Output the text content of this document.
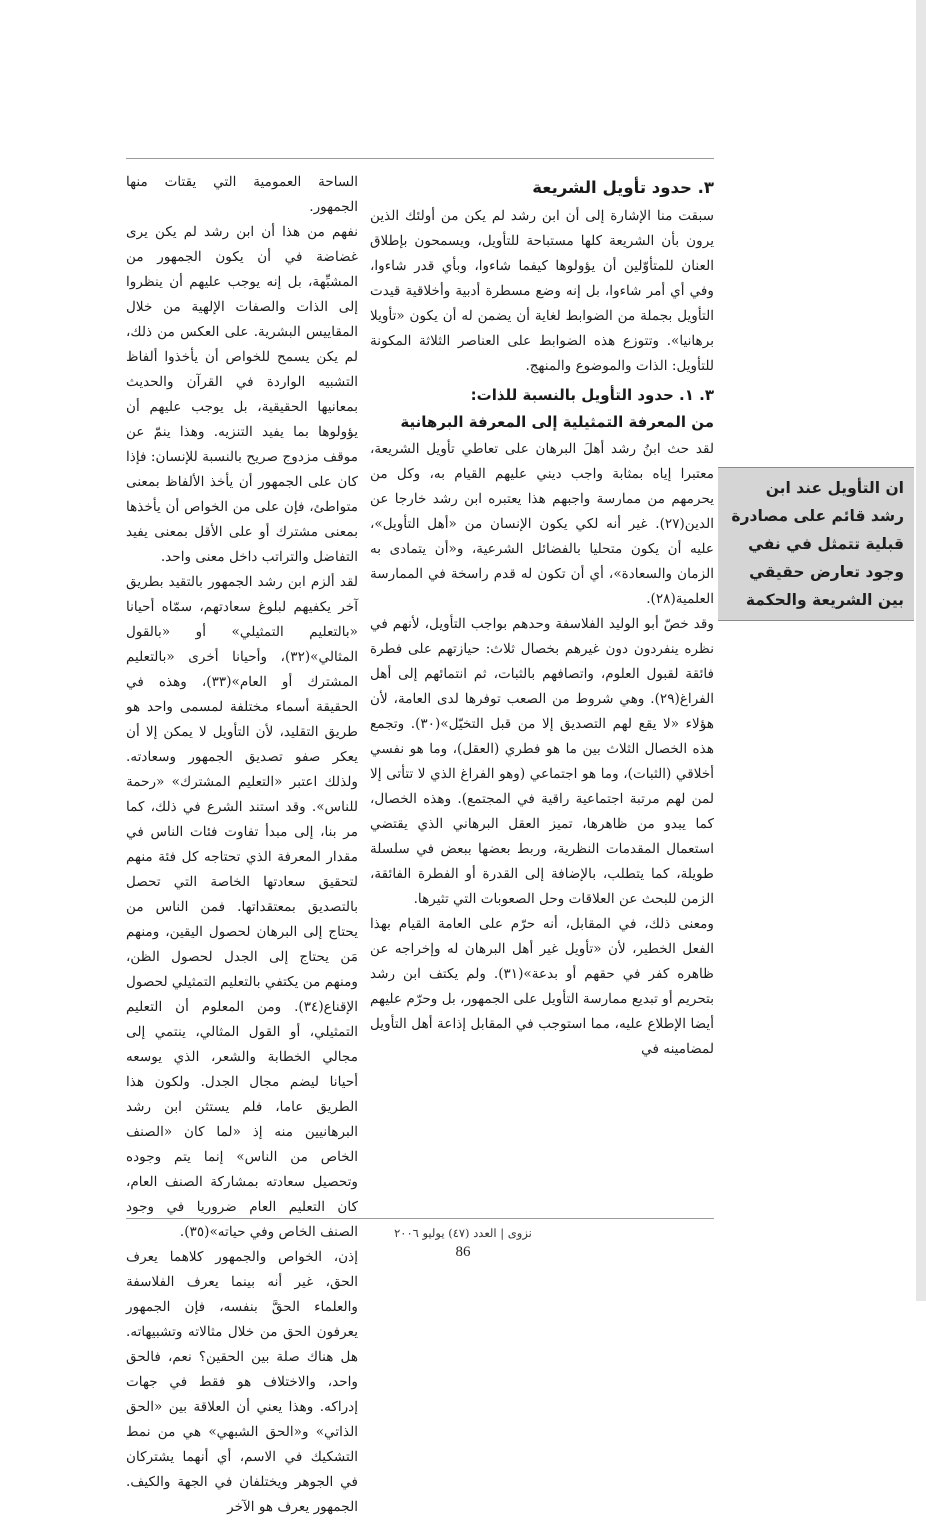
٣. حدود تأويل الشريعة

سبقت منا الإشارة إلى أن ابن رشد لم يكن من أولئك الذين يرون بأن الشريعة كلها مستباحة للتأويل، ويسمحون بإطلاق العنان للمتأوّلين أن يؤولوها كيفما شاءوا، وبأي قدر شاءوا، وفي أي أمر شاءوا، بل إنه وضع مسطرة أدبية وأخلاقية قيدت التأويل بجملة من الضوابط لغاية أن يضمن له أن يكون «تأويلا برهانيا». وتتوزع هذه الضوابط على العناصر الثلاثة المكونة للتأويل: الذات والموضوع والمنهج.

٣. ١. حدود التأويل بالنسبة للذات:
من المعرفة التمثيلية إلى المعرفة البرهانية

لقد حث ابنُ رشد أهلَ البرهان على تعاطي تأويل الشريعة، معتبرا إياه بمثابة واجب ديني عليهم القيام به، وكل من يحرمهم من ممارسة واجبهم هذا يعتبره ابن رشد خارجا عن الدين(٢٧). غير أنه لكي يكون الإنسان من «أهل التأويل»، عليه أن يكون متحليا بالفضائل الشرعية، و«أن يتمادى به الزمان والسعادة»، أي أن تكون له قدم راسخة في الممارسة العلمية(٢٨).

وقد خصّ أبو الوليد الفلاسفة وحدهم بواجب التأويل، لأنهم في نظره ينفردون دون غيرهم بخصال ثلاث: حيازتهم على فطرة فائقة لقبول العلوم، واتصافهم بالثبات، ثم انتمائهم إلى أهل الفراغ(٢٩). وهي شروط من الصعب توفرها لدى العامة، لأن هؤلاء «لا يقع لهم التصديق إلا من قبل التخيّل»(٣٠). وتجمع هذه الخصال الثلاث بين ما هو فطري (العقل)، وما هو نفسي أخلاقي (الثبات)، وما هو اجتماعي (وهو الفراغ الذي لا تتأتى إلا لمن لهم مرتبة اجتماعية راقية في المجتمع). وهذه الخصال، كما يبدو من ظاهرها، تميز العقل البرهاني الذي يقتضي استعمال المقدمات النظرية، وربط بعضها ببعض في سلسلة طويلة، كما يتطلب، بالإضافة إلى القدرة أو الفطرة الفائقة، الزمن للبحث عن العلاقات وحل الصعوبات التي تثيرها.

ومعنى ذلك، في المقابل، أنه حرّم على العامة القيام بهذا الفعل الخطير، لأن «تأويل غير أهل البرهان له وإخراجه عن ظاهره كفر في حقهم أو بدعة»(٣١). ولم يكتف ابن رشد بتحريم أو تبديع ممارسة التأويل على الجمهور، بل وحرّم عليهم أيضا الإطلاع عليه، مما استوجب في المقابل إذاعة أهل التأويل لمضامينه في

الساحة العمومية التي يقتات منها الجمهور.

نفهم من هذا أن ابن رشد لم يكن يرى غضاضة في أن يكون الجمهور من المشبِّهة، بل إنه يوجب عليهم أن ينظروا إلى الذات والصفات الإلهية من خلال المقاييس البشرية. على العكس من ذلك، لم يكن يسمح للخواص أن يأخذوا ألفاظ التشبيه الواردة في القرآن والحديث بمعانيها الحقيقية، بل يوجب عليهم أن يؤولوها بما يفيد التنزيه. وهذا ينمّ عن موقف مزدوج صريح بالنسبة للإنسان: فإذا كان على الجمهور أن يأخذ الألفاظ بمعنى متواطئ، فإن على من الخواص أن يأخذها بمعنى مشترك أو على الأقل بمعنى يفيد التفاضل والتراتب داخل معنى واحد.

لقد ألزم ابن رشد الجمهور بالتقيد بطريق آخر يكفيهم لبلوغ سعادتهم، سمّاه أحيانا «بالتعليم التمثيلي» أو «بالقول المثالي»(٣٢)، وأحيانا أخرى «بالتعليم المشترك أو العام»(٣٣)، وهذه في الحقيقة أسماء مختلفة لمسمى واحد هو طريق التقليد، لأن التأويل لا يمكن إلا أن يعكر صفو تصديق الجمهور وسعادته. ولذلك اعتبر «التعليم المشترك» «رحمة للناس». وقد استند الشرع في ذلك، كما مر بنا، إلى مبدأ تفاوت فئات الناس في مقدار المعرفة الذي تحتاجه كل فئة منهم لتحقيق سعادتها الخاصة التي تحصل بالتصديق بمعتقداتها. فمن الناس من يحتاج إلى البرهان لحصول اليقين، ومنهم مَن يحتاج إلى الجدل لحصول الظن، ومنهم من يكتفي بالتعليم التمثيلي لحصول الإقناع(٣٤). ومن المعلوم أن التعليم التمثيلي، أو القول المثالي، ينتمي إلى مجالي الخطابة والشعر، الذي يوسعه أحيانا ليضم مجال الجدل. ولكون هذا الطريق عاما، فلم يستثن ابن رشد البرهانيين منه إذ «لما كان «الصنف الخاص من الناس» إنما يتم وجوده وتحصيل سعادته بمشاركة الصنف العام، كان التعليم العام ضروريا في وجود الصنف الخاص وفي حياته»(٣٥).

إذن، الخواص والجمهور كلاهما يعرف الحق، غير أنه بينما يعرف الفلاسفة والعلماء الحقَّ بنفسه، فإن الجمهور يعرفون الحق من خلال مثالاته وتشبيهاته. هل هناك صلة بين الحقين؟ نعم، فالحق واحد، والاختلاف هو فقط في جهات إدراكه. وهذا يعني أن العلاقة بين «الحق الذاتي» و«الحق الشبهي» هي من نمط التشكيك في الاسم، أي أنهما يشتركان في الجوهر ويختلفان في الجهة والكيف. الجمهور يعرف هو الآخر

ان التأويل عند ابن رشد قائم على مصادرة قبلية تتمثل في نفي وجود تعارض حقيقي بين الشريعة والحكمة
نزوى | العدد (٤٧) يوليو ٢٠٠٦
86
